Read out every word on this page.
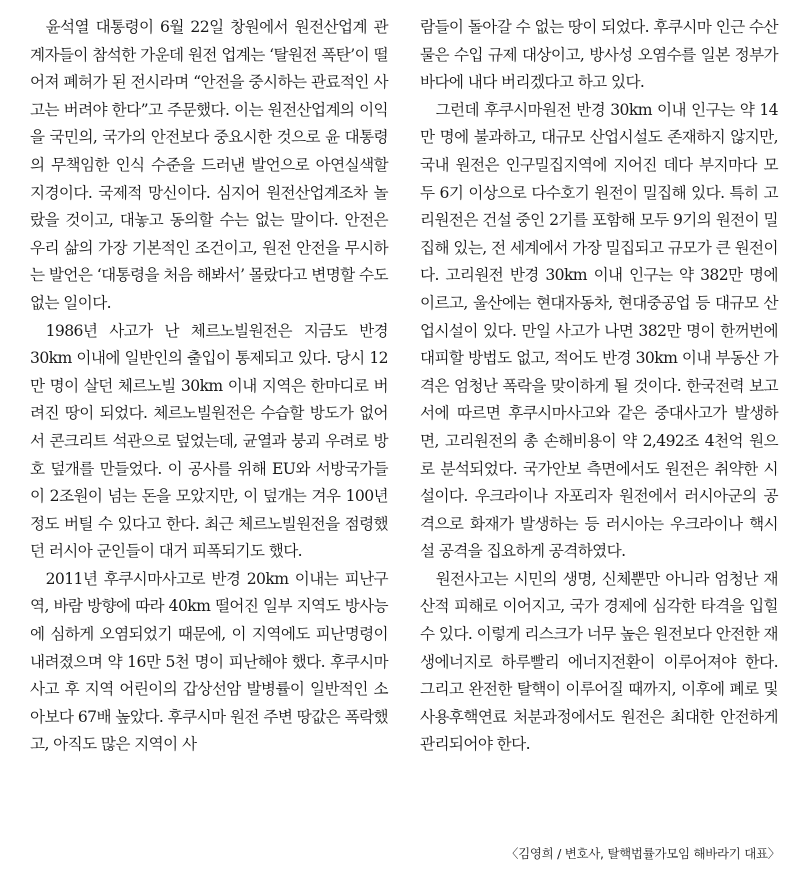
윤석열 대통령이 6월 22일 창원에서 원전산업계 관계자들이 참석한 가운데 원전 업계는 ‘탈원전 폭탄’이 떨어져 폐허가 된 전시라며 “안전을 중시하는 관료적인 사고는 버려야 한다”고 주문했다. 이는 원전산업계의 이익을 국민의, 국가의 안전보다 중요시한 것으로 윤 대통령의 무책임한 인식 수준을 드러낸 발언으로 아연실색할 지경이다. 국제적 망신이다. 심지어 원전산업계조차 놀랐을 것이고, 대놓고 동의할 수는 없는 말이다. 안전은 우리 삶의 가장 기본적인 조건이고, 원전 안전을 무시하는 발언은 ‘대통령을 처음 해봐서’ 몰랐다고 변명할 수도 없는 일이다.

1986년 사고가 난 체르노빌원전은 지금도 반경 30km 이내에 일반인의 출입이 통제되고 있다. 당시 12만 명이 살던 체르노빌 30km 이내 지역은 한마디로 버려진 땅이 되었다. 체르노빌원전은 수습할 방도가 없어서 콘크리트 석관으로 덮었는데, 균열과 붕괴 우려로 방호 덮개를 만들었다. 이 공사를 위해 EU와 서방국가들이 2조원이 넘는 돈을 모았지만, 이 덮개는 겨우 100년 정도 버틸 수 있다고 한다. 최근 체르노빌원전을 점령했던 러시아 군인들이 대거 피폭되기도 했다.

2011년 후쿠시마사고로 반경 20km 이내는 피난구역, 바람 방향에 따라 40km 떨어진 일부 지역도 방사능에 심하게 오염되었기 때문에, 이 지역에도 피난명령이 내려졌으며 약 16만 5천 명이 피난해야 했다. 후쿠시마사고 후 지역 어린이의 갑상선암 발병률이 일반적인 소아보다 67배 높았다. 후쿠시마 원전 주변 땅값은 폭락했고, 아직도 많은 지역이 사

람들이 돌아갈 수 없는 땅이 되었다. 후쿠시마 인근 수산물은 수입 규제 대상이고, 방사성 오염수를 일본 정부가 바다에 내다 버리겠다고 하고 있다.

그런데 후쿠시마원전 반경 30km 이내 인구는 약 14만 명에 불과하고, 대규모 산업시설도 존재하지 않지만, 국내 원전은 인구밀집지역에 지어진 데다 부지마다 모두 6기 이상으로 다수호기 원전이 밀집해 있다. 특히 고리원전은 건설 중인 2기를 포함해 모두 9기의 원전이 밀집해 있는, 전 세계에서 가장 밀집되고 규모가 큰 원전이다. 고리원전 반경 30km 이내 인구는 약 382만 명에 이르고, 울산에는 현대자동차, 현대중공업 등 대규모 산업시설이 있다. 만일 사고가 나면 382만 명이 한꺼번에 대피할 방법도 없고, 적어도 반경 30km 이내 부동산 가격은 엄청난 폭락을 맞이하게 될 것이다. 한국전력 보고서에 따르면 후쿠시마사고와 같은 중대사고가 발생하면, 고리원전의 총 손해비용이 약 2,492조 4천억 원으로 분석되었다. 국가안보 측면에서도 원전은 취약한 시설이다. 우크라이나 자포리자 원전에서 러시아군의 공격으로 화재가 발생하는 등 러시아는 우크라이나 핵시설 공격을 집요하게 공격하였다.

원전사고는 시민의 생명, 신체뿐만 아니라 엄청난 재산적 피해로 이어지고, 국가 경제에 심각한 타격을 입힐 수 있다. 이렇게 리스크가 너무 높은 원전보다 안전한 재생에너지로 하루빨리 에너지전환이 이루어져야 한다. 그리고 완전한 탈핵이 이루어질 때까지, 이후에 폐로 및 사용후핵연료 처분과정에서도 원전은 최대한 안전하게 관리되어야 한다.

〈김영희 / 변호사, 탈핵법률가모임 해바라기 대표〉
